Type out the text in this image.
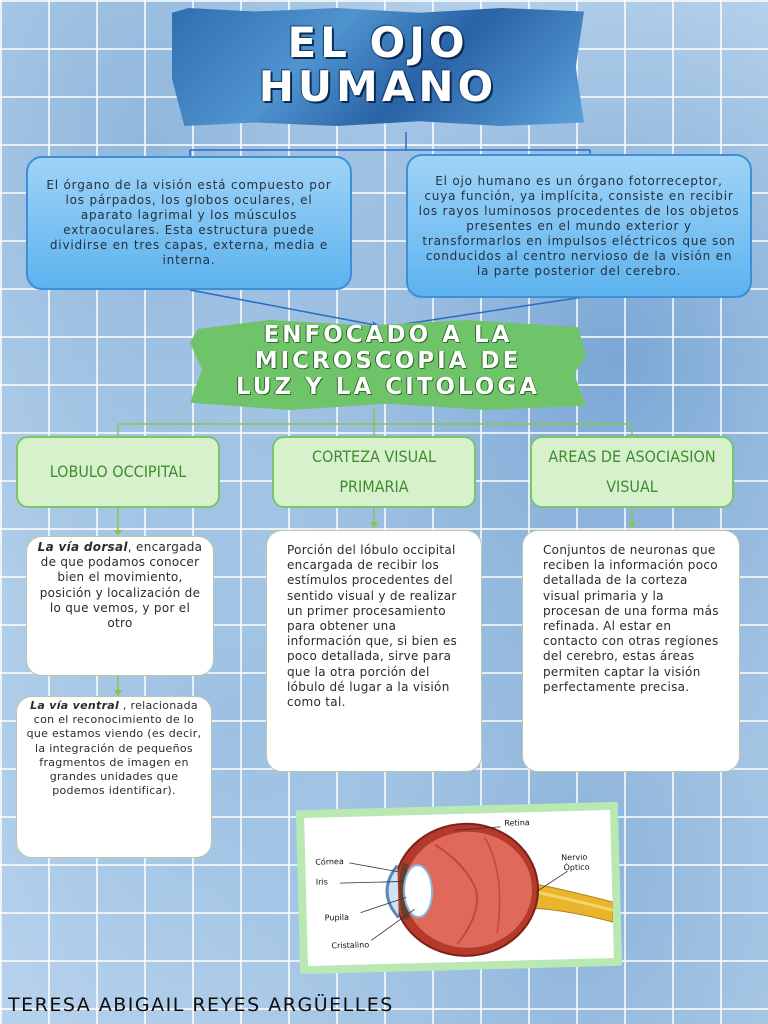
EL OJO
HUMANO
El órgano de la visión está compuesto por los párpados, los globos oculares, el aparato lagrimal y los músculos extraoculares. Esta estructura puede dividirse en tres capas, externa, media e interna.
El ojo humano es un órgano fotorreceptor, cuya función, ya implícita, consiste en recibir los rayos luminosos procedentes de los objetos presentes en el mundo exterior y transformarlos en impulsos eléctricos que son conducidos al centro nervioso de la visión en la parte posterior del cerebro.
ENFOCADO A LA
MICROSCOPIA DE
LUZ Y LA CITOLOGA
LOBULO OCCIPITAL
CORTEZA VISUAL PRIMARIA
AREAS DE ASOCIASION VISUAL
La vía dorsal, encargada de que podamos conocer bien el movimiento, posición y localización de lo que vemos, y por el otro
La vía ventral , relacionada con el reconocimiento de lo que estamos viendo (es decir, la integración de pequeños fragmentos de imagen en grandes unidades que podemos identificar).
Porción del lóbulo occipital encargada de recibir los estímulos procedentes del sentido visual y de realizar un primer procesamiento para obtener una información que, si bien es poco detallada, sirve para que la otra porción del lóbulo dé lugar a la visión como tal.
Conjuntos de neuronas que reciben la información poco detallada de la corteza visual primaria y la procesan de una forma más refinada. Al estar en contacto con otras regiones del cerebro, estas áreas permiten captar la visión perfectamente precisa.
Retina
Córnea
Iris
Pupila
Cristalino
Nervio
Óptico
TERESA ABIGAIL REYES ARGÜELLES
